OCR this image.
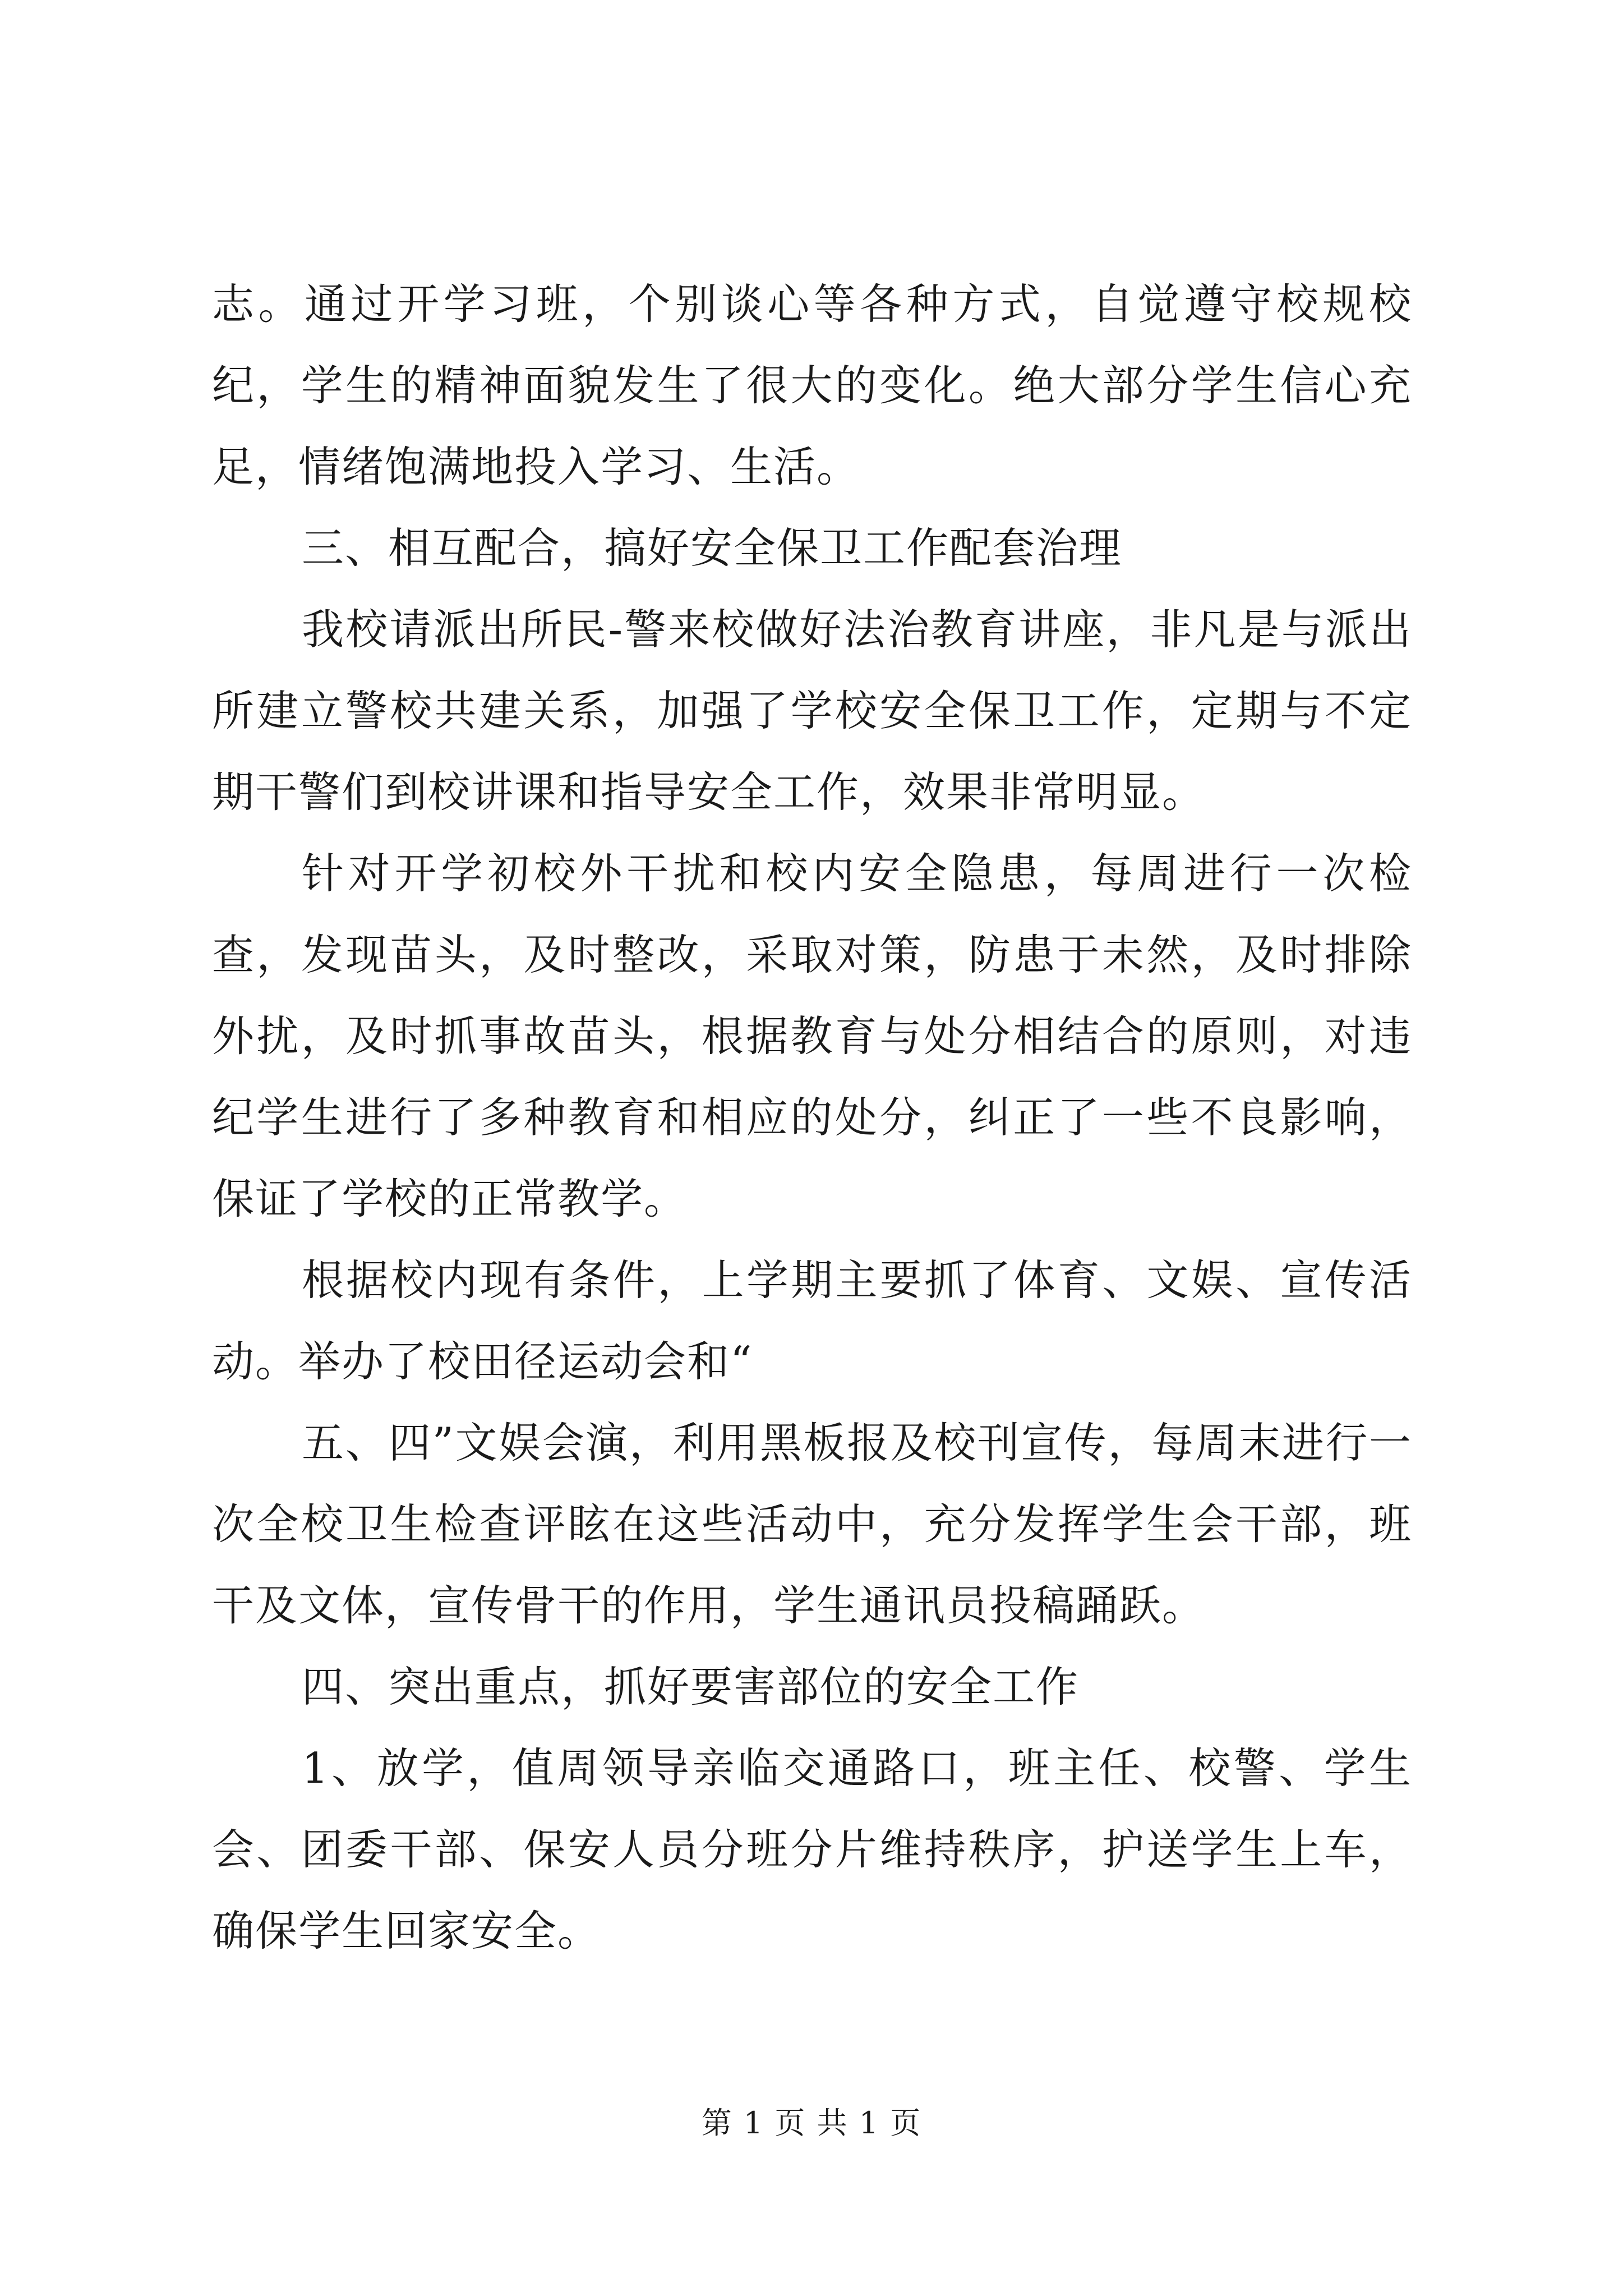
志。通过开学习班，个别谈心等各种方式，自觉遵守校规校纪，学生的精神面貌发生了很大的变化。绝大部分学生信心充足，情绪饱满地投入学习、生活。

三、相互配合，搞好安全保卫工作配套治理

我校请派出所民-警来校做好法治教育讲座，非凡是与派出所建立警校共建关系，加强了学校安全保卫工作，定期与不定期干警们到校讲课和指导安全工作，效果非常明显。

针对开学初校外干扰和校内安全隐患，每周进行一次检查，发现苗头，及时整改，采取对策，防患于未然，及时排除外扰，及时抓事故苗头，根据教育与处分相结合的原则，对违纪学生进行了多种教育和相应的处分，纠正了一些不良影响，保证了学校的正常教学。

根据校内现有条件，上学期主要抓了体育、文娱、宣传活动。举办了校田径运动会和“

五、四”文娱会演，利用黑板报及校刊宣传，每周末进行一次全校卫生检查评眩在这些活动中，充分发挥学生会干部，班干及文体，宣传骨干的作用，学生通讯员投稿踊跃。

四、突出重点，抓好要害部位的安全工作

1、放学，值周领导亲临交通路口，班主任、校警、学生会、团委干部、保安人员分班分片维持秩序，护送学生上车，确保学生回家安全。

第 1 页 共 1 页
